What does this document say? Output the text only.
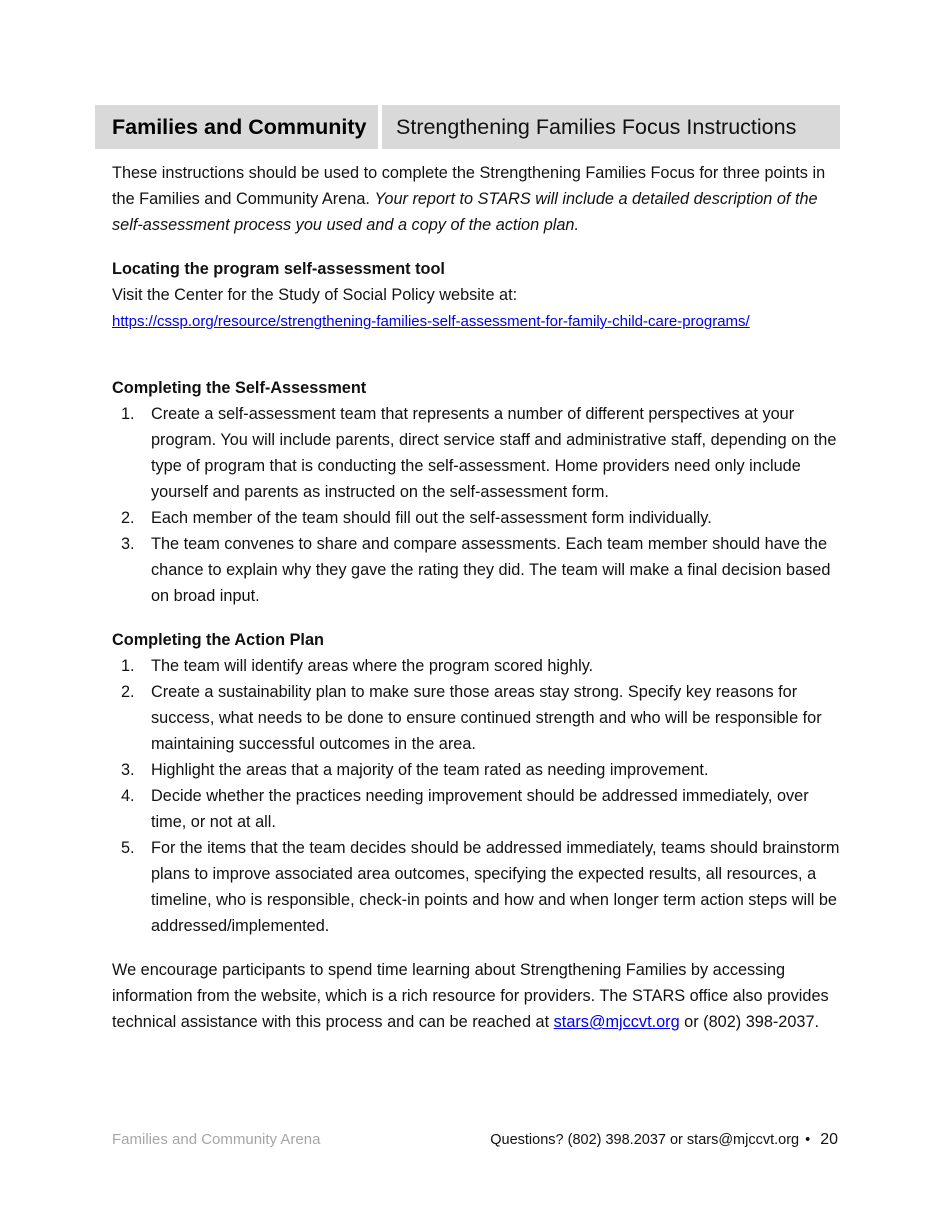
Families and Community	Strengthening Families Focus Instructions

These instructions should be used to complete the Strengthening Families Focus for three points in the Families and Community Arena. Your report to STARS will include a detailed description of the self-assessment process you used and a copy of the action plan.

Locating the program self-assessment tool

Visit the Center for the Study of Social Policy website at:

https://cssp.org/resource/strengthening-families-self-assessment-for-family-child-care-programs/
Completing the Self-Assessment
1. Create a self-assessment team that represents a number of different perspectives at your program. You will include parents, direct service staff and administrative staff, depending on the type of program that is conducting the self-assessment. Home providers need only include yourself and parents as instructed on the self-assessment form.
2. Each member of the team should fill out the self-assessment form individually.
3. The team convenes to share and compare assessments. Each team member should have the chance to explain why they gave the rating they did. The team will make a final decision based on broad input.
Completing the Action Plan
1. The team will identify areas where the program scored highly.
2. Create a sustainability plan to make sure those areas stay strong. Specify key reasons for success, what needs to be done to ensure continued strength and who will be responsible for maintaining successful outcomes in the area.
3. Highlight the areas that a majority of the team rated as needing improvement.
4. Decide whether the practices needing improvement should be addressed immediately, over time, or not at all.
5. For the items that the team decides should be addressed immediately, teams should brainstorm plans to improve associated area outcomes, specifying the expected results, all resources, a timeline, who is responsible, check-in points and how and when longer term action steps will be addressed/implemented.

We encourage participants to spend time learning about Strengthening Families by accessing information from the website, which is a rich resource for providers. The STARS office also provides technical assistance with this process and can be reached at stars@mjccvt.org or (802) 398-2037.

Families and Community Arena	Questions? (802) 398.2037 or stars@mjccvt.org • 20
